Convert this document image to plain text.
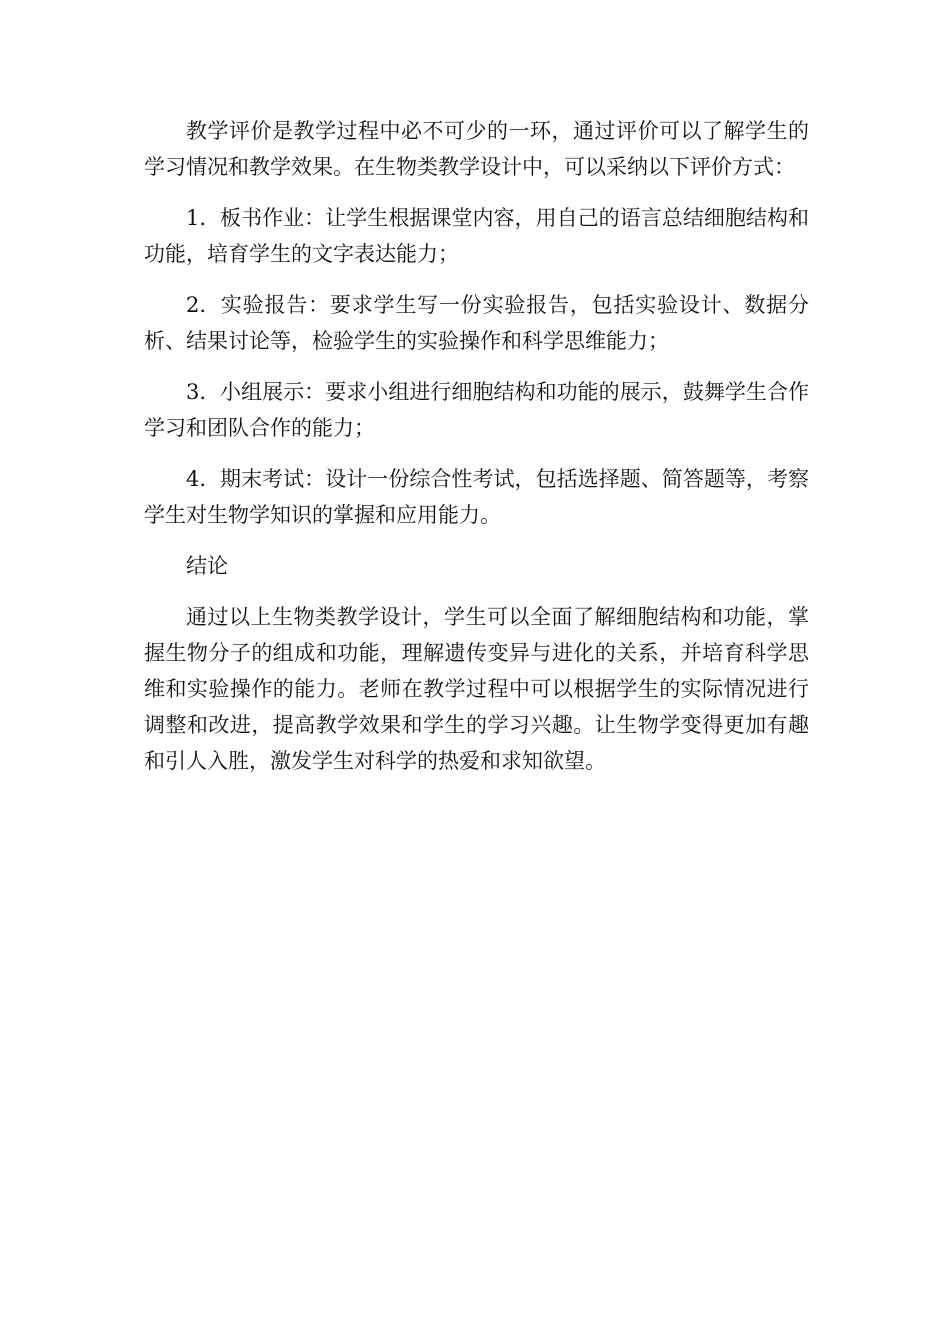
教学评价是教学过程中必不可少的一环，通过评价可以了解学生的学习情况和教学效果。在生物类教学设计中，可以采纳以下评价方式：

1. 板书作业：让学生根据课堂内容，用自己的语言总结细胞结构和功能，培育学生的文字表达能力；

2. 实验报告：要求学生写一份实验报告，包括实验设计、数据分析、结果讨论等，检验学生的实验操作和科学思维能力；

3. 小组展示：要求小组进行细胞结构和功能的展示，鼓舞学生合作学习和团队合作的能力；

4. 期末考试：设计一份综合性考试，包括选择题、简答题等，考察学生对生物学知识的掌握和应用能力。

结论

通过以上生物类教学设计，学生可以全面了解细胞结构和功能，掌握生物分子的组成和功能，理解遗传变异与进化的关系，并培育科学思维和实验操作的能力。老师在教学过程中可以根据学生的实际情况进行调整和改进，提高教学效果和学生的学习兴趣。让生物学变得更加有趣和引人入胜，激发学生对科学的热爱和求知欲望。
